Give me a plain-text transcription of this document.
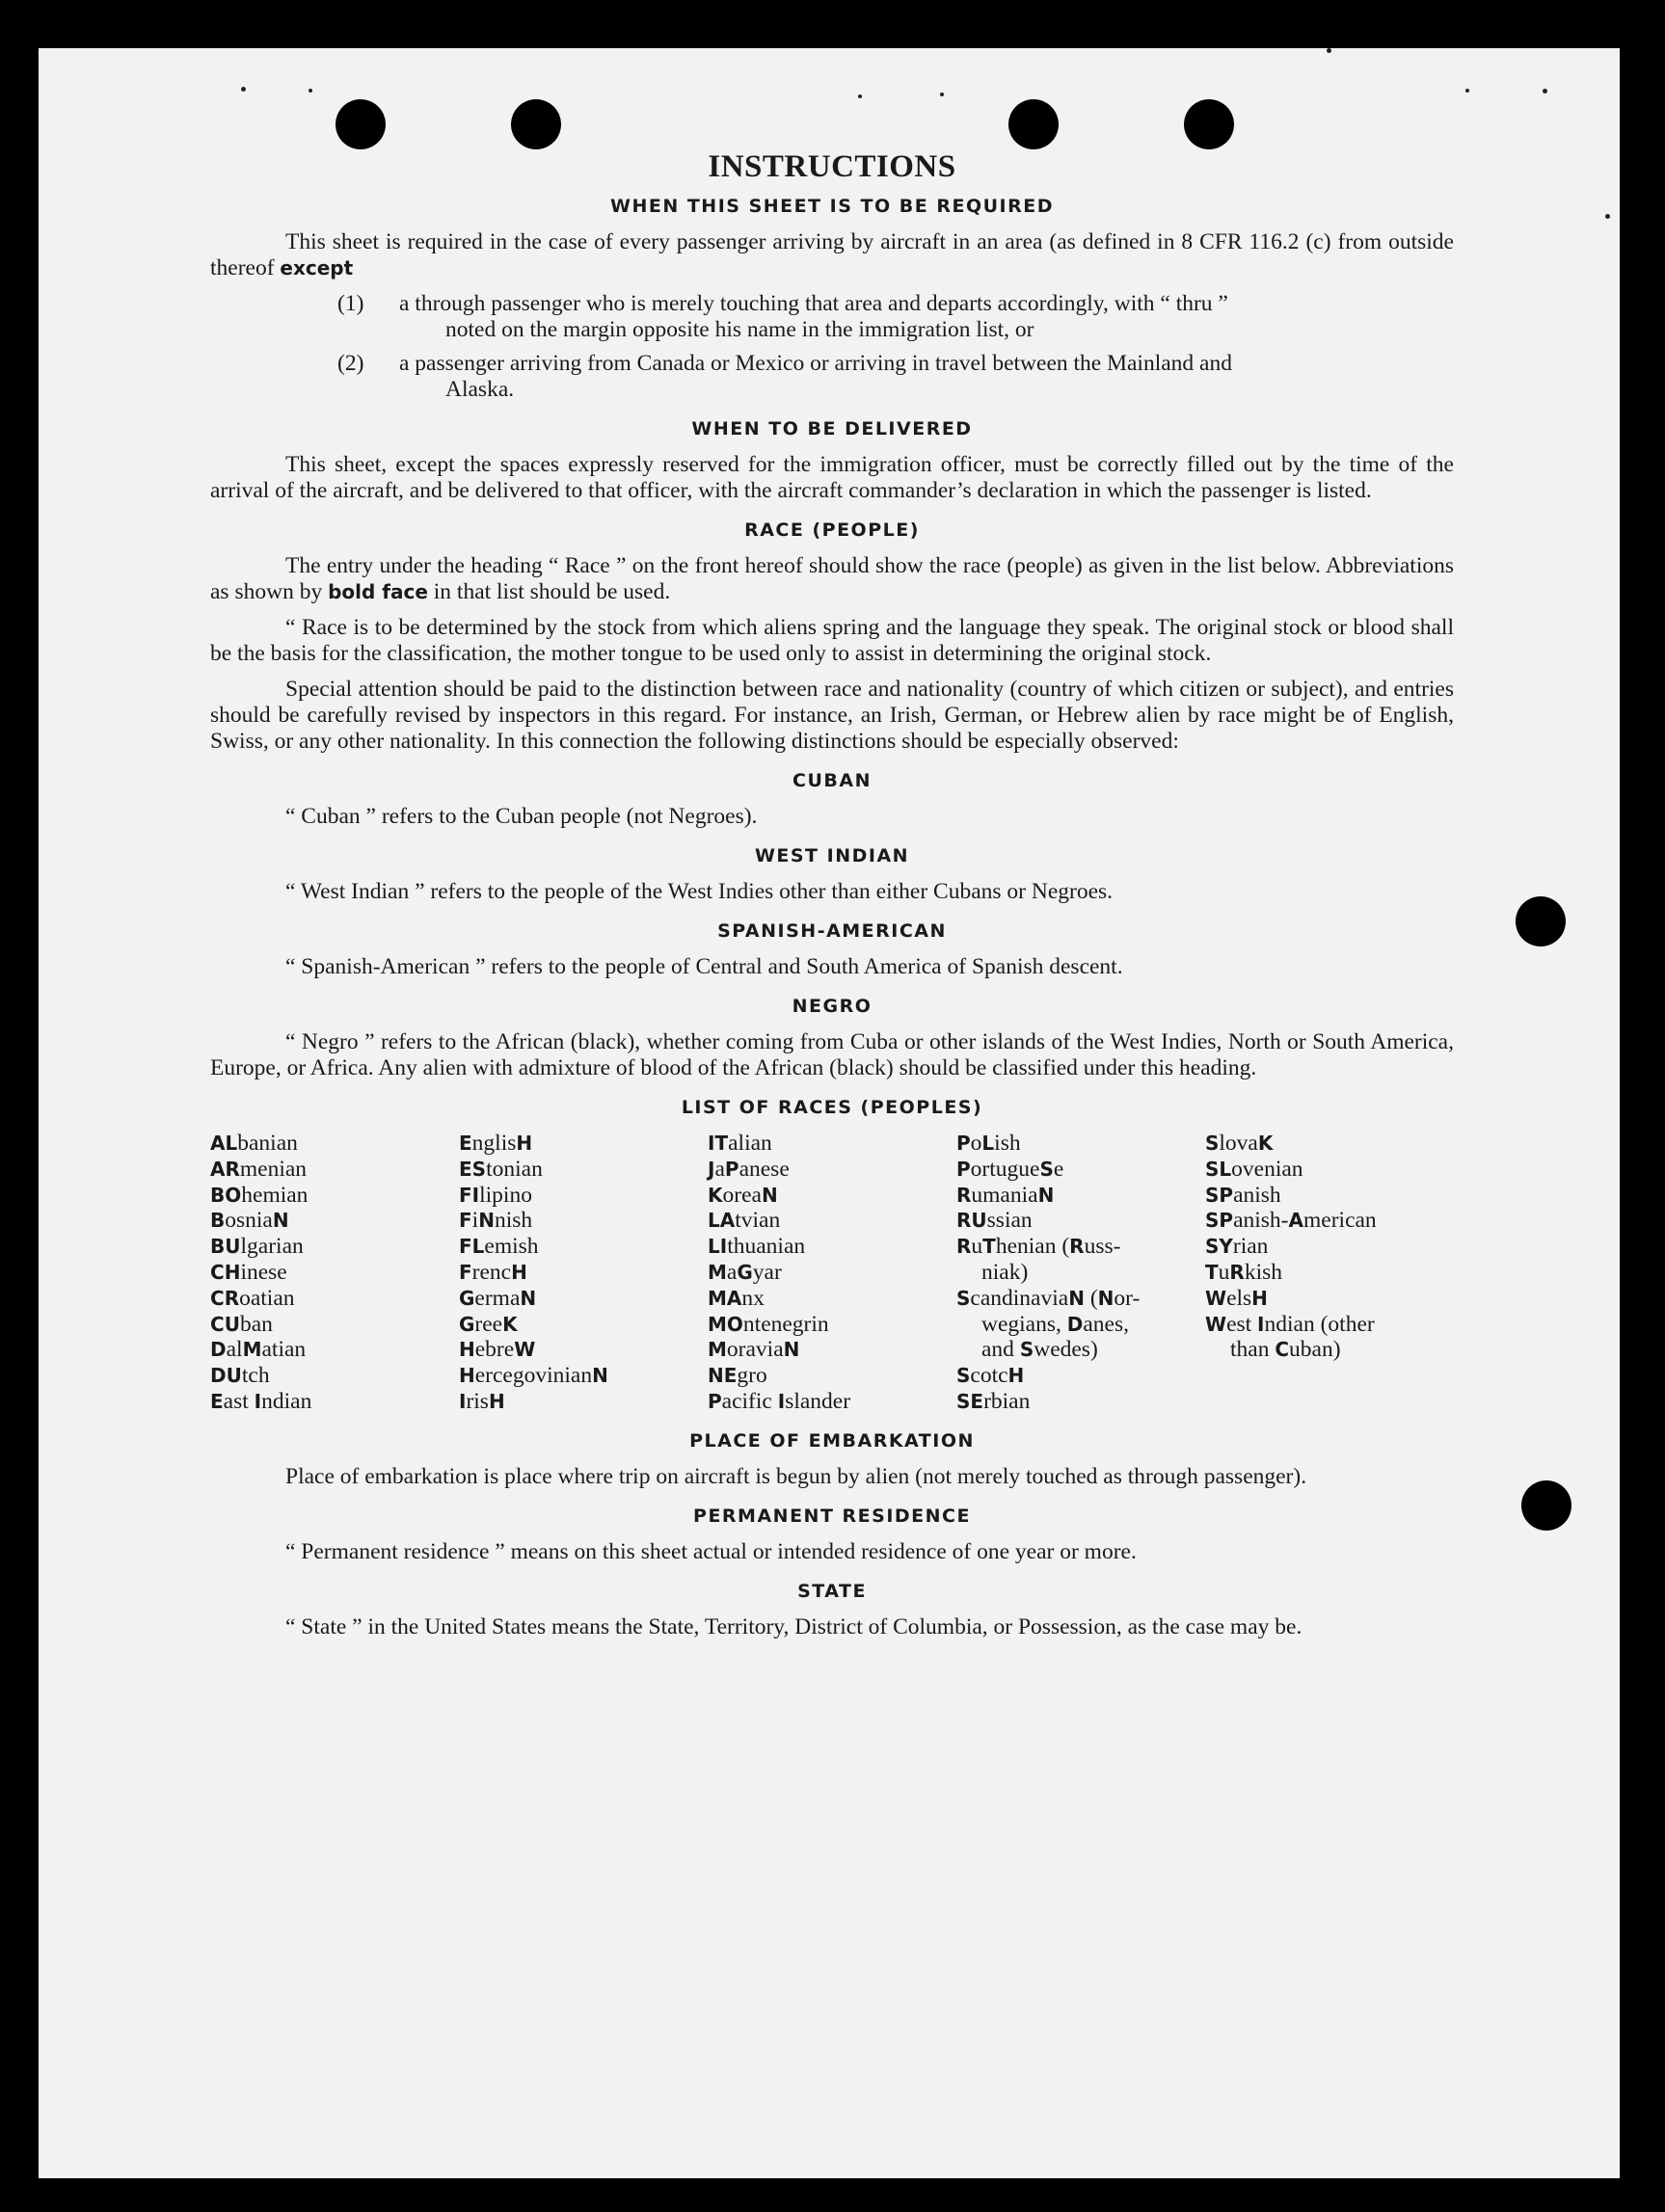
INSTRUCTIONS
WHEN THIS SHEET IS TO BE REQUIRED

This sheet is required in the case of every passenger arriving by aircraft in an area (as defined in 8 CFR 116.2 (c) from outside thereof except

(1)	a through passenger who is merely touching that area and departs accordingly, with “ thru ”
noted on the margin opposite his name in the immigration list, or
(2)	a passenger arriving from Canada or Mexico or arriving in travel between the Mainland and
Alaska.
WHEN TO BE DELIVERED

This sheet, except the spaces expressly reserved for the immigration officer, must be correctly filled out by the time of the arrival of the aircraft, and be delivered to that officer, with the aircraft commander’s declaration in which the passenger is listed.

RACE (PEOPLE)

The entry under the heading “ Race ” on the front hereof should show the race (people) as given in the list below. Abbreviations as shown by bold face in that list should be used.

“ Race is to be determined by the stock from which aliens spring and the language they speak. The original stock or blood shall be the basis for the classification, the mother tongue to be used only to assist in determining the original stock.

Special attention should be paid to the distinction between race and nationality (country of which citizen or subject), and entries should be carefully revised by inspectors in this regard. For instance, an Irish, German, or Hebrew alien by race might be of English, Swiss, or any other nationality. In this connection the following distinctions should be especially observed:

CUBAN

“ Cuban ” refers to the Cuban people (not Negroes).

WEST INDIAN

“ West Indian ” refers to the people of the West Indies other than either Cubans or Negroes.

SPANISH-AMERICAN

“ Spanish-American ” refers to the people of Central and South America of Spanish descent.

NEGRO

“ Negro ” refers to the African (black), whether coming from Cuba or other islands of the West Indies, North or South America, Europe, or Africa. Any alien with admixture of blood of the African (black) should be classified under this heading.

LIST OF RACES (PEOPLES)
ALbanian
ARmenian
BOhemian
BosniaN
BUlgarian
CHinese
CRoatian
CUban
DalMatian
DUtch
East Indian
EnglisH
EStonian
FIlipino
FiNnish
FLemish
FrencH
GermaN
GreeK
HebreW
HercegovinianN
IrisH
ITalian
JaPanese
KoreaN
LAtvian
LIthuanian
MaGyar
MAnx
MOntenegrin
MoraviaN
NEgro
Pacific Islander
PoLish
PortugueSe
RumaniaN
RUssian
RuThenian (Russ-
niak)
ScandinaviaN (Nor-
wegians, Danes,
and Swedes)
ScotcH
SErbian
SlovaK
SLovenian
SPanish
SPanish-American
SYrian
TuRkish
WelsH
West Indian (other
than Cuban)
PLACE OF EMBARKATION

Place of embarkation is place where trip on aircraft is begun by alien (not merely touched as through passenger).

PERMANENT RESIDENCE

“ Permanent residence ” means on this sheet actual or intended residence of one year or more.

STATE

“ State ” in the United States means the State, Territory, District of Columbia, or Possession, as the case may be.
